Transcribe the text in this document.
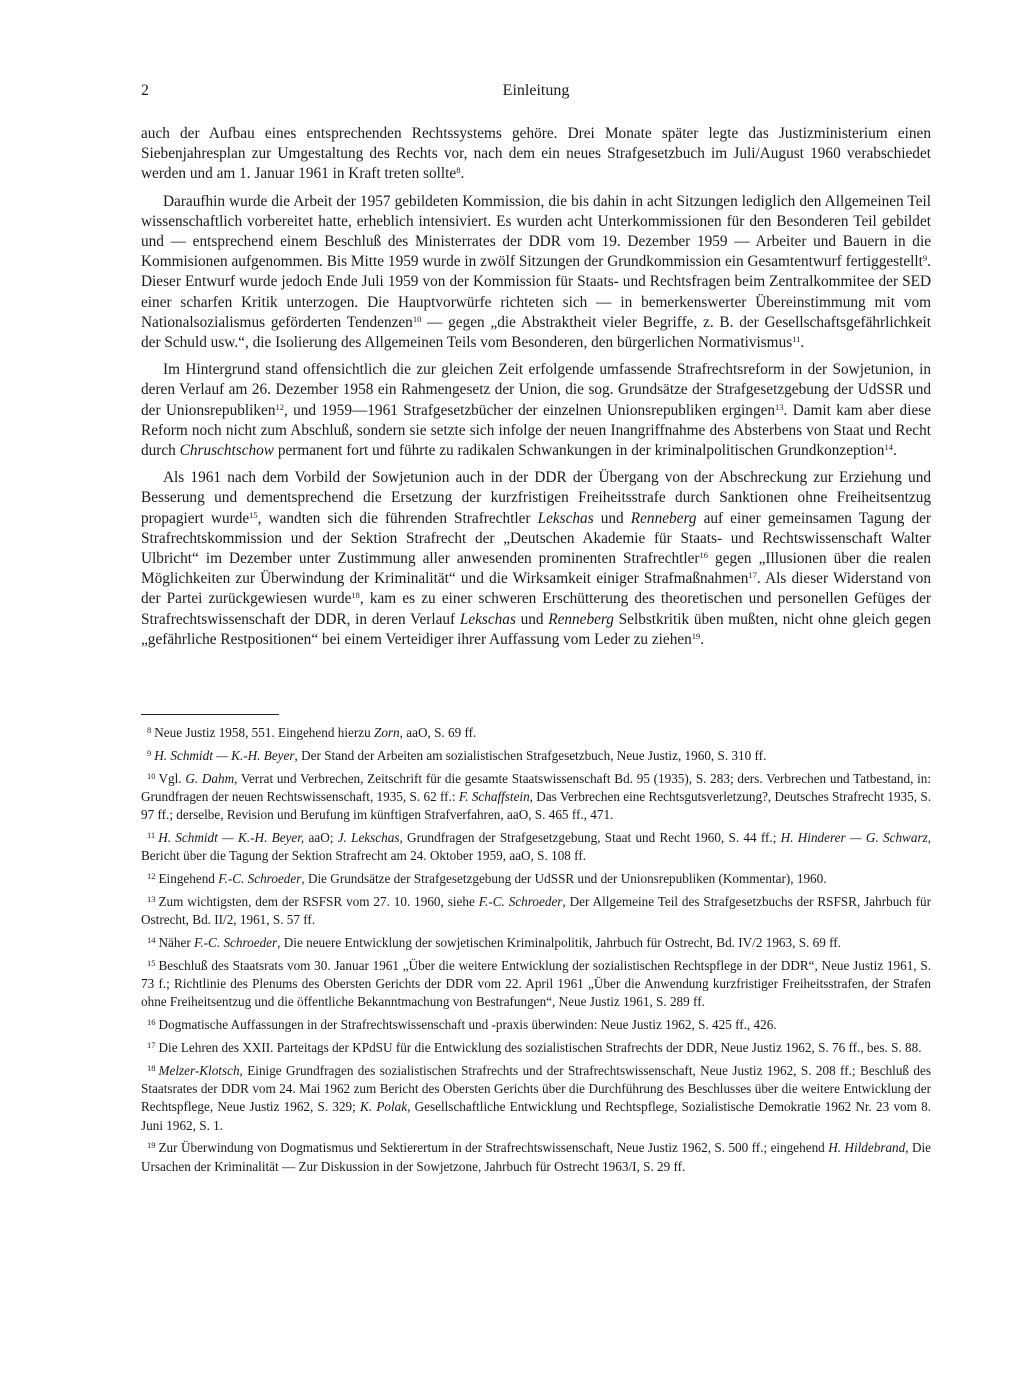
2	Einleitung

auch der Aufbau eines entsprechenden Rechtssystems gehöre. Drei Monate später legte das Justizministerium einen Siebenjahresplan zur Umgestaltung des Rechts vor, nach dem ein neues Strafgesetzbuch im Juli/August 1960 verabschiedet werden und am 1. Januar 1961 in Kraft treten sollte$^8$.

Daraufhin wurde die Arbeit der 1957 gebildeten Kommission, die bis dahin in acht Sitzungen lediglich den Allgemeinen Teil wissenschaftlich vorbereitet hatte, erheblich intensiviert. Es wurden acht Unterkommissionen für den Besonderen Teil gebildet und — entsprechend einem Beschluß des Ministerrates der DDR vom 19. Dezember 1959 — Arbeiter und Bauern in die Kommisionen aufgenommen. Bis Mitte 1959 wurde in zwölf Sitzungen der Grundkommission ein Gesamtentwurf fertiggestellt$^9$. Dieser Entwurf wurde jedoch Ende Juli 1959 von der Kommission für Staats- und Rechtsfragen beim Zentralkommitee der SED einer scharfen Kritik unterzogen. Die Hauptvorwürfe richteten sich — in bemerkenswerter Übereinstimmung mit vom Nationalsozialismus geförderten Tendenzen$^{10}$ — gegen „die Abstraktheit vieler Begriffe, z. B. der Gesellschaftsgefährlichkeit der Schuld usw.“, die Isolierung des Allgemeinen Teils vom Besonderen, den bürgerlichen Normativismus$^{11}$.

Im Hintergrund stand offensichtlich die zur gleichen Zeit erfolgende umfassende Strafrechtsreform in der Sowjetunion, in deren Verlauf am 26. Dezember 1958 ein Rahmengesetz der Union, die sog. Grundsätze der Strafgesetzgebung der UdSSR und der Unionsrepubliken$^{12}$, und 1959—1961 Strafgesetzbücher der einzelnen Unionsrepubliken ergingen$^{13}$. Damit kam aber diese Reform noch nicht zum Abschluß, sondern sie setzte sich infolge der neuen Inangriffnahme des Absterbens von Staat und Recht durch Chruschtschow permanent fort und führte zu radikalen Schwankungen in der kriminalpolitischen Grundkonzeption$^{14}$.

Als 1961 nach dem Vorbild der Sowjetunion auch in der DDR der Übergang von der Abschreckung zur Erziehung und Besserung und dementsprechend die Ersetzung der kurzfristigen Freiheitsstrafe durch Sanktionen ohne Freiheitsentzug propagiert wurde$^{15}$, wandten sich die führenden Strafrechtler Lekschas und Renneberg auf einer gemeinsamen Tagung der Strafrechtskommission und der Sektion Strafrecht der „Deutschen Akademie für Staats- und Rechtswissenschaft Walter Ulbricht“ im Dezember unter Zustimmung aller anwesenden prominenten Strafrechtler$^{16}$ gegen „Illusionen über die realen Möglichkeiten zur Überwindung der Kriminalität“ und die Wirksamkeit einiger Strafmaßnahmen$^{17}$. Als dieser Widerstand von der Partei zurückgewiesen wurde$^{18}$, kam es zu einer schweren Erschütterung des theoretischen und personellen Gefüges der Strafrechtswissenschaft der DDR, in deren Verlauf Lekschas und Renneberg Selbstkritik üben mußten, nicht ohne gleich gegen „gefährliche Restpositionen“ bei einem Verteidiger ihrer Auffassung vom Leder zu ziehen$^{19}$.

$^8$ Neue Justiz 1958, 551. Eingehend hierzu Zorn, aaO, S. 69 ff.

$^9$ H. Schmidt — K.-H. Beyer, Der Stand der Arbeiten am sozialistischen Strafgesetzbuch, Neue Justiz, 1960, S. 310 ff.

$^{10}$ Vgl. G. Dahm, Verrat und Verbrechen, Zeitschrift für die gesamte Staatswissenschaft Bd. 95 (1935), S. 283; ders. Verbrechen und Tatbestand, in: Grundfragen der neuen Rechtswissenschaft, 1935, S. 62 ff.: F. Schaffstein, Das Verbrechen eine Rechtsgutsverletzung?, Deutsches Strafrecht 1935, S. 97 ff.; derselbe, Revision und Berufung im künftigen Strafverfahren, aaO, S. 465 ff., 471.

$^{11}$ H. Schmidt — K.-H. Beyer, aaO; J. Lekschas, Grundfragen der Strafgesetzgebung, Staat und Recht 1960, S. 44 ff.; H. Hinderer — G. Schwarz, Bericht über die Tagung der Sektion Strafrecht am 24. Oktober 1959, aaO, S. 108 ff.

$^{12}$ Eingehend F.-C. Schroeder, Die Grundsätze der Strafgesetzgebung der UdSSR und der Unionsrepubliken (Kommentar), 1960.

$^{13}$ Zum wichtigsten, dem der RSFSR vom 27. 10. 1960, siehe F.-C. Schroeder, Der Allgemeine Teil des Strafgesetzbuchs der RSFSR, Jahrbuch für Ostrecht, Bd. II/2, 1961, S. 57 ff.

$^{14}$ Näher F.-C. Schroeder, Die neuere Entwicklung der sowjetischen Kriminalpolitik, Jahrbuch für Ostrecht, Bd. IV/2 1963, S. 69 ff.

$^{15}$ Beschluß des Staatsrats vom 30. Januar 1961 „Über die weitere Entwicklung der sozialistischen Rechtspflege in der DDR“, Neue Justiz 1961, S. 73 f.; Richtlinie des Plenums des Obersten Gerichts der DDR vom 22. April 1961 „Über die Anwendung kurzfristiger Freiheitsstrafen, der Strafen ohne Freiheitsentzug und die öffentliche Bekanntmachung von Bestrafungen“, Neue Justiz 1961, S. 289 ff.

$^{16}$ Dogmatische Auffassungen in der Strafrechtswissenschaft und -praxis überwinden: Neue Justiz 1962, S. 425 ff., 426.

$^{17}$ Die Lehren des XXII. Parteitags der KPdSU für die Entwicklung des sozialistischen Strafrechts der DDR, Neue Justiz 1962, S. 76 ff., bes. S. 88.

$^{18}$ Melzer-Klotsch, Einige Grundfragen des sozialistischen Strafrechts und der Strafrechtswissenschaft, Neue Justiz 1962, S. 208 ff.; Beschluß des Staatsrates der DDR vom 24. Mai 1962 zum Bericht des Obersten Gerichts über die Durchführung des Beschlusses über die weitere Entwicklung der Rechtspflege, Neue Justiz 1962, S. 329; K. Polak, Gesellschaftliche Entwicklung und Rechtspflege, Sozialistische Demokratie 1962 Nr. 23 vom 8. Juni 1962, S. 1.

$^{19}$ Zur Überwindung von Dogmatismus und Sektierertum in der Strafrechtswissenschaft, Neue Justiz 1962, S. 500 ff.; eingehend H. Hildebrand, Die Ursachen der Kriminalität — Zur Diskussion in der Sowjetzone, Jahrbuch für Ostrecht 1963/I, S. 29 ff.
